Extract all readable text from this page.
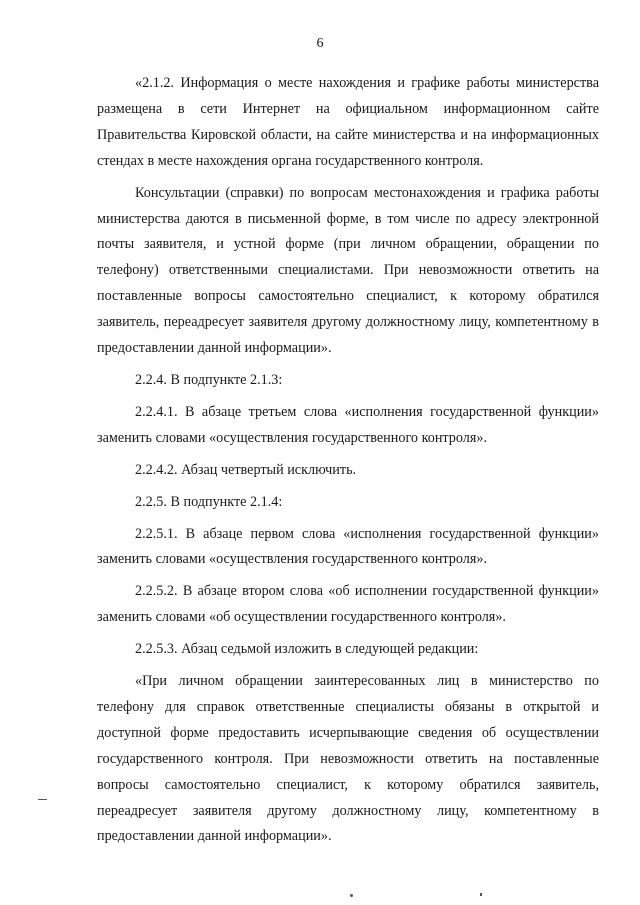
6

«2.1.2. Информация о месте нахождения и графике работы министерства размещена в сети Интернет на официальном информационном сайте Правительства Кировской области, на сайте министерства и на информационных стендах в месте нахождения органа государственного контроля.

Консультации (справки) по вопросам местонахождения и графика работы министерства даются в письменной форме, в том числе по адресу электронной почты заявителя, и устной форме (при личном обращении, обращении по телефону) ответственными специалистами. При невозможности ответить на поставленные вопросы самостоятельно специалист, к которому обратился заявитель, переадресует заявителя другому должностному лицу, компетентному в предоставлении данной информации».

2.2.4. В подпункте 2.1.3:

2.2.4.1. В абзаце третьем слова «исполнения государственной функции» заменить словами «осуществления государственного контроля».

2.2.4.2. Абзац четвертый исключить.

2.2.5. В подпункте 2.1.4:

2.2.5.1. В абзаце первом слова «исполнения государственной функции» заменить словами «осуществления государственного контроля».

2.2.5.2. В абзаце втором слова «об исполнении государственной функции» заменить словами «об осуществлении государственного контроля».

2.2.5.3. Абзац седьмой изложить в следующей редакции:

«При личном обращении заинтересованных лиц в министерство по телефону для справок ответственные специалисты обязаны в открытой и доступной форме предоставить исчерпывающие сведения об осуществлении государственного контроля. При невозможности ответить на поставленные вопросы самостоятельно специалист, к которому обратился заявитель, переадресует заявителя другому должностному лицу, компетентному в предоставлении данной информации».
